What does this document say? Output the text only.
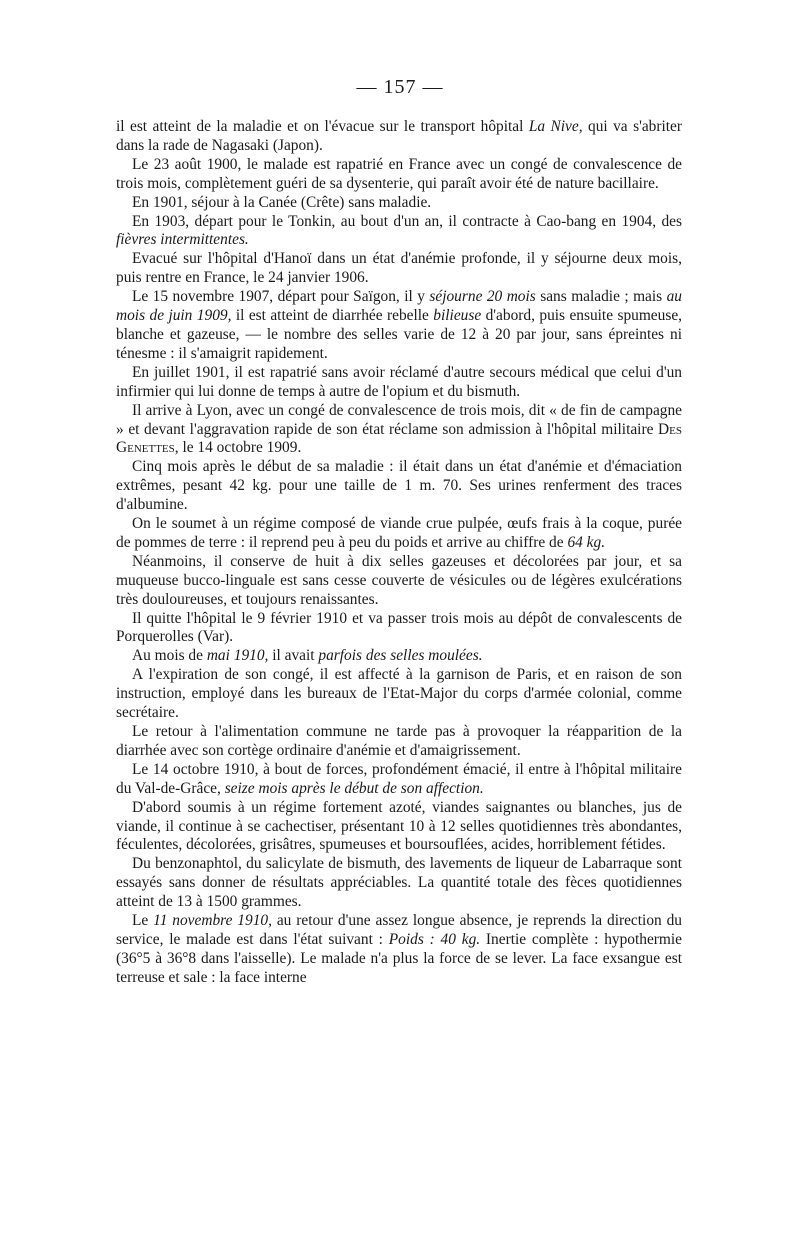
— 157 —

il est atteint de la maladie et on l'évacue sur le transport hôpital La Nive, qui va s'abriter dans la rade de Nagasaki (Japon).

Le 23 août 1900, le malade est rapatrié en France avec un congé de convalescence de trois mois, complètement guéri de sa dysenterie, qui paraît avoir été de nature bacillaire.

En 1901, séjour à la Canée (Crête) sans maladie.

En 1903, départ pour le Tonkin, au bout d'un an, il contracte à Cao-bang en 1904, des fièvres intermittentes.

Evacué sur l'hôpital d'Hanoï dans un état d'anémie profonde, il y séjourne deux mois, puis rentre en France, le 24 janvier 1906.

Le 15 novembre 1907, départ pour Saïgon, il y séjourne 20 mois sans maladie ; mais au mois de juin 1909, il est atteint de diarrhée rebelle bilieuse d'abord, puis ensuite spumeuse, blanche et gazeuse, — le nombre des selles varie de 12 à 20 par jour, sans épreintes ni ténesme : il s'amaigrit rapidement.

En juillet 1901, il est rapatrié sans avoir réclamé d'autre secours médical que celui d'un infirmier qui lui donne de temps à autre de l'opium et du bismuth.

Il arrive à Lyon, avec un congé de convalescence de trois mois, dit « de fin de campagne » et devant l'aggravation rapide de son état réclame son admission à l'hôpital militaire Des Genettes, le 14 octobre 1909.

Cinq mois après le début de sa maladie : il était dans un état d'anémie et d'émaciation extrêmes, pesant 42 kg. pour une taille de 1 m. 70. Ses urines renferment des traces d'albumine.

On le soumet à un régime composé de viande crue pulpée, œufs frais à la coque, purée de pommes de terre : il reprend peu à peu du poids et arrive au chiffre de 64 kg.

Néanmoins, il conserve de huit à dix selles gazeuses et décolorées par jour, et sa muqueuse bucco-linguale est sans cesse couverte de vésicules ou de légères exulcérations très douloureuses, et toujours renaissantes.

Il quitte l'hôpital le 9 février 1910 et va passer trois mois au dépôt de convalescents de Porquerolles (Var).

Au mois de mai 1910, il avait parfois des selles moulées.

A l'expiration de son congé, il est affecté à la garnison de Paris, et en raison de son instruction, employé dans les bureaux de l'Etat-Major du corps d'armée colonial, comme secrétaire.

Le retour à l'alimentation commune ne tarde pas à provoquer la réapparition de la diarrhée avec son cortège ordinaire d'anémie et d'amaigrissement.

Le 14 octobre 1910, à bout de forces, profondément émacié, il entre à l'hôpital militaire du Val-de-Grâce, seize mois après le début de son affection.

D'abord soumis à un régime fortement azoté, viandes saignantes ou blanches, jus de viande, il continue à se cachectiser, présentant 10 à 12 selles quotidiennes très abondantes, féculentes, décolorées, grisâtres, spumeuses et boursouflées, acides, horriblement fétides.

Du benzonaphtol, du salicylate de bismuth, des lavements de liqueur de Labarraque sont essayés sans donner de résultats appréciables. La quantité totale des fèces quotidiennes atteint de 13 à 1500 grammes.

Le 11 novembre 1910, au retour d'une assez longue absence, je reprends la direction du service, le malade est dans l'état suivant : Poids : 40 kg. Inertie complète : hypothermie (36°5 à 36°8 dans l'aisselle). Le malade n'a plus la force de se lever. La face exsangue est terreuse et sale : la face interne
